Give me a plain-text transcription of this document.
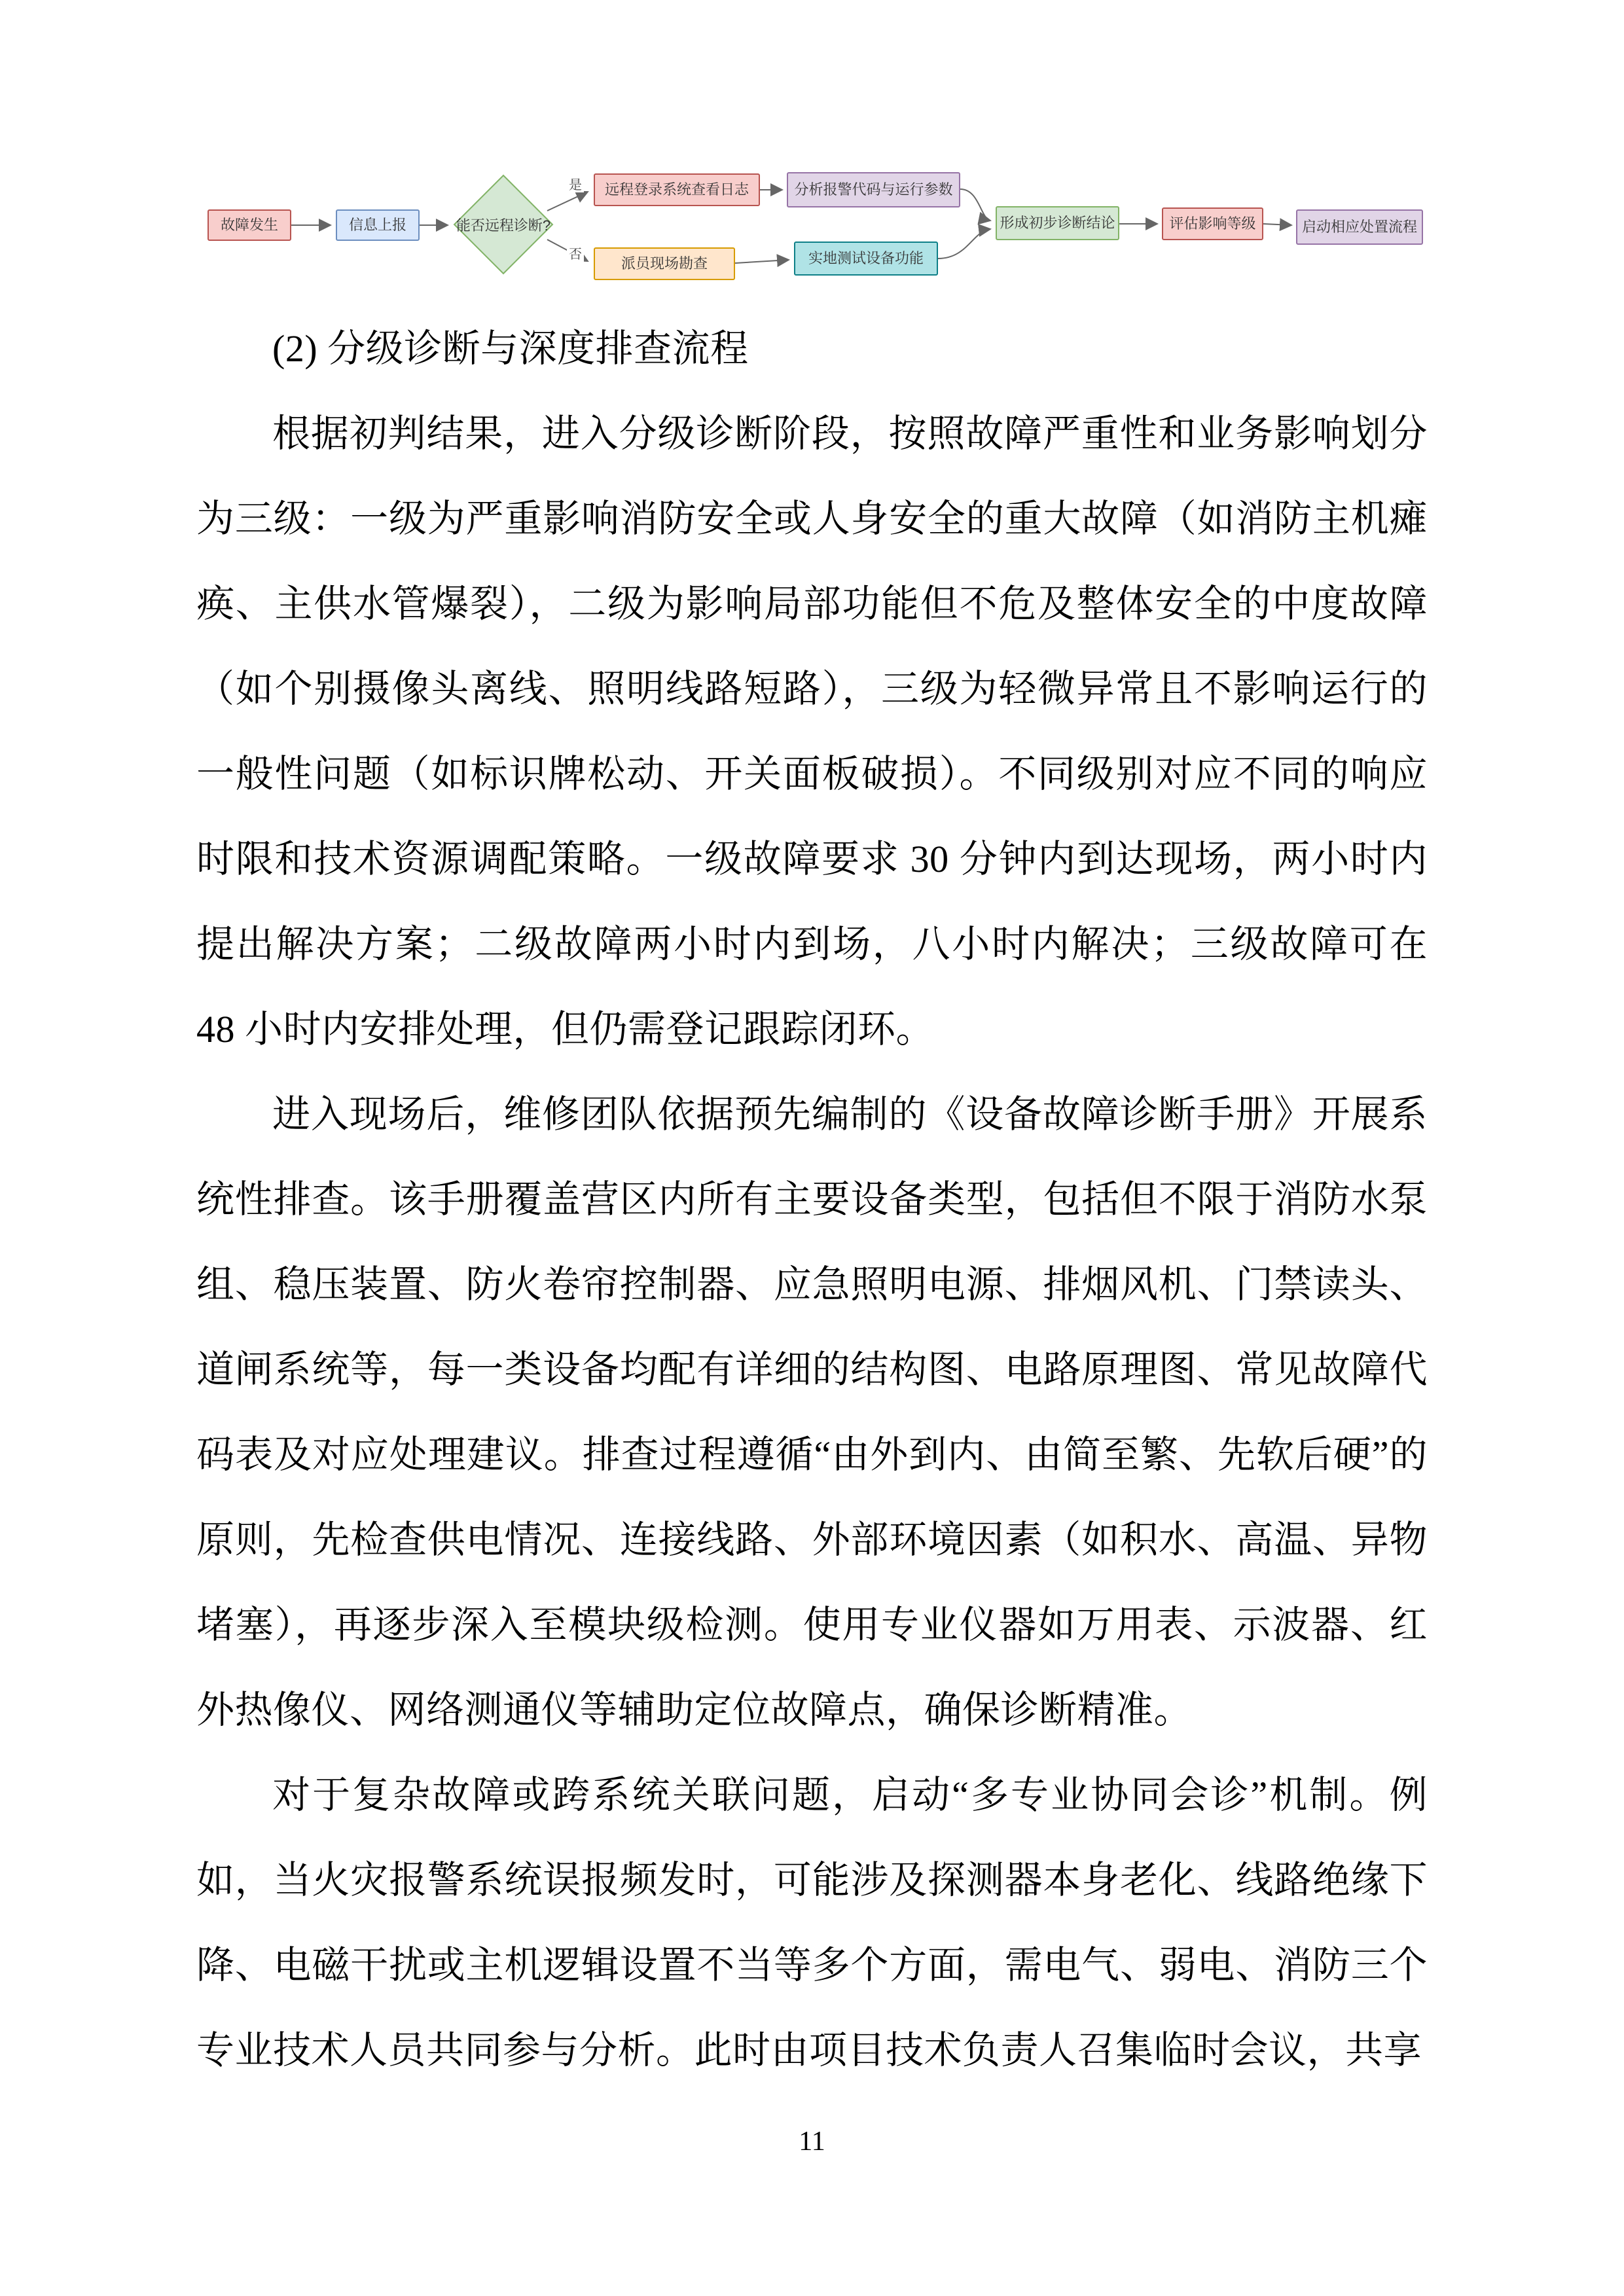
故障发生	信息上报	能否远程诊断?
远程登录系统查看日志	分析报警代码与运行参数
派员现场勘查	实地测试设备功能
形成初步诊断结论	评估影响等级	启动相应处置流程
是
否

(2) 分级诊断与深度排查流程

根据初判结果，进入分级诊断阶段，按照故障严重性和业务影响划分为三级：一级为严重影响消防安全或人身安全的重大故障（如消防主机瘫痪、主供水管爆裂），二级为影响局部功能但不危及整体安全的中度故障（如个别摄像头离线、照明线路短路），三级为轻微异常且不影响运行的一般性问题（如标识牌松动、开关面板破损）。不同级别对应不同的响应时限和技术资源调配策略。一级故障要求 30 分钟内到达现场，两小时内提出解决方案；二级故障两小时内到场，八小时内解决；三级故障可在 48 小时内安排处理，但仍需登记跟踪闭环。

进入现场后，维修团队依据预先编制的《设备故障诊断手册》开展系统性排查。该手册覆盖营区内所有主要设备类型，包括但不限于消防水泵组、稳压装置、防火卷帘控制器、应急照明电源、排烟风机、门禁读头、道闸系统等，每一类设备均配有详细的结构图、电路原理图、常见故障代码表及对应处理建议。排查过程遵循“由外到内、由简至繁、先软后硬”的原则，先检查供电情况、连接线路、外部环境因素（如积水、高温、异物堵塞），再逐步深入至模块级检测。使用专业仪器如万用表、示波器、红外热像仪、网络测通仪等辅助定位故障点，确保诊断精准。

对于复杂故障或跨系统关联问题，启动“多专业协同会诊”机制。例如，当火灾报警系统误报频发时，可能涉及探测器本身老化、线路绝缘下降、电磁干扰或主机逻辑设置不当等多个方面，需电气、弱电、消防三个专业技术人员共同参与分析。此时由项目技术负责人召集临时会议，共享

11
